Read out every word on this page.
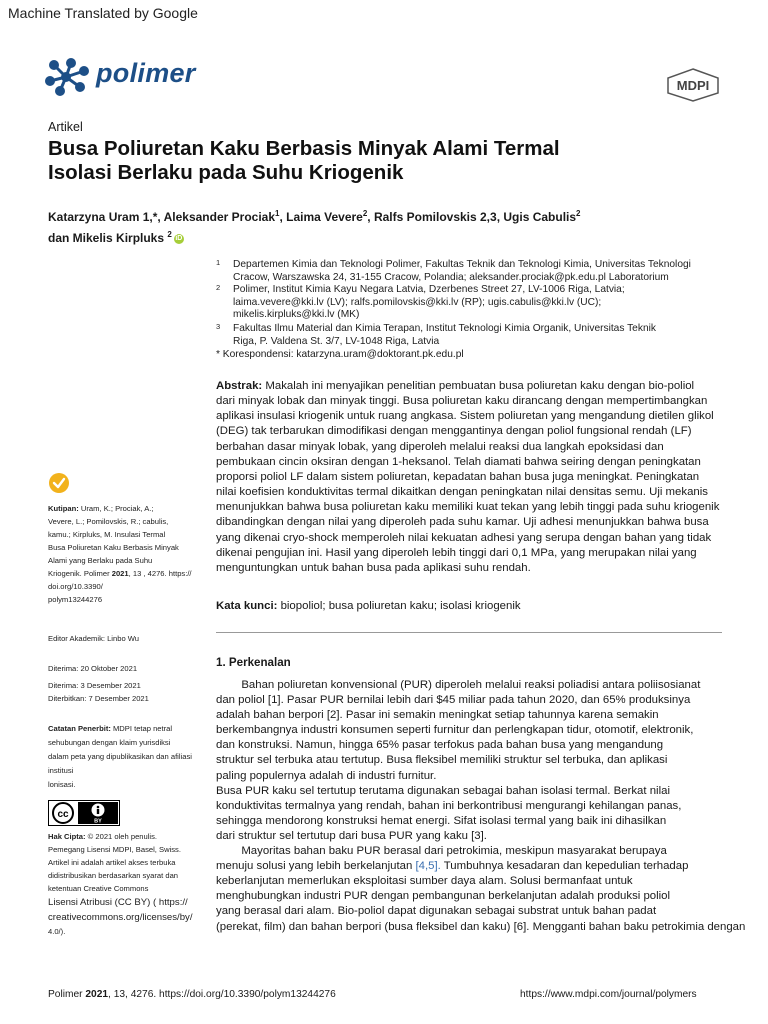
Machine Translated by Google
polimer	MDPI
Artikel
Busa Poliuretan Kaku Berbasis Minyak Alami Termal
Isolasi Berlaku pada Suhu Kriogenik
Katarzyna Uram 1,*, Aleksander Prociak$^1$, Laima Vevere$^2$, Ralfs Pomilovskis 2,3, Ugis Cabulis$^2$
dan Mikelis Kirpluks $^2$ iD
1 Departemen Kimia dan Teknologi Polimer, Fakultas Teknik dan Teknologi Kimia, Universitas Teknologi
Cracow, Warszawska 24, 31-155 Cracow, Polandia; aleksander.prociak@pk.edu.pl Laboratorium
2 Polimer, Institut Kimia Kayu Negara Latvia, Dzerbenes Street 27, LV-1006 Riga, Latvia;
laima.vevere@kki.lv (LV); ralfs.pomilovskis@kki.lv (RP); ugis.cabulis@kki.lv (UC);
mikelis.kirpluks@kki.lv (MK)
3 Fakultas Ilmu Material dan Kimia Terapan, Institut Teknologi Kimia Organik, Universitas Teknik
Riga, P. Valdena St. 3/7, LV-1048 Riga, Latvia
* Korespondensi: katarzyna.uram@doktorant.pk.edu.pl
Abstrak: Makalah ini menyajikan penelitian pembuatan busa poliuretan kaku dengan bio-poliol
dari minyak lobak dan minyak tinggi. Busa poliuretan kaku dirancang dengan mempertimbangkan
aplikasi insulasi kriogenik untuk ruang angkasa. Sistem poliuretan yang mengandung dietilen glikol
(DEG) tak terbarukan dimodifikasi dengan menggantinya dengan poliol fungsional rendah (LF)
berbahan dasar minyak lobak, yang diperoleh melalui reaksi dua langkah epoksidasi dan
pembukaan cincin oksiran dengan 1-heksanol. Telah diamati bahwa seiring dengan peningkatan
proporsi poliol LF dalam sistem poliuretan, kepadatan bahan busa juga meningkat. Peningkatan
nilai koefisien konduktivitas termal dikaitkan dengan peningkatan nilai densitas semu. Uji mekanis
menunjukkan bahwa busa poliuretan kaku memiliki kuat tekan yang lebih tinggi pada suhu kriogenik
dibandingkan dengan nilai yang diperoleh pada suhu kamar. Uji adhesi menunjukkan bahwa busa
yang dikenai cryo-shock memperoleh nilai kekuatan adhesi yang serupa dengan bahan yang tidak
dikenai pengujian ini. Hasil yang diperoleh lebih tinggi dari 0,1 MPa, yang merupakan nilai yang
menguntungkan untuk bahan busa pada aplikasi suhu rendah.
Kata kunci: biopoliol; busa poliuretan kaku; isolasi kriogenik
1. Perkenalan
Bahan poliuretan konvensional (PUR) diperoleh melalui reaksi poliadisi antara poliisosianat
dan poliol [1]. Pasar PUR bernilai lebih dari $45 miliar pada tahun 2020, dan 65% produksinya
adalah bahan berpori [2]. Pasar ini semakin meningkat setiap tahunnya karena semakin
berkembangnya industri konsumen seperti furnitur dan perlengkapan tidur, otomotif, elektronik,
dan konstruksi. Namun, hingga 65% pasar terfokus pada bahan busa yang mengandung
struktur sel terbuka atau tertutup. Busa fleksibel memiliki struktur sel terbuka, dan aplikasi
paling populernya adalah di industri furnitur.
Busa PUR kaku sel tertutup terutama digunakan sebagai bahan isolasi termal. Berkat nilai
konduktivitas termalnya yang rendah, bahan ini berkontribusi mengurangi kehilangan panas,
sehingga mendorong konstruksi hemat energi. Sifat isolasi termal yang baik ini dihasilkan
dari struktur sel tertutup dari busa PUR yang kaku [3].
Mayoritas bahan baku PUR berasal dari petrokimia, meskipun masyarakat berupaya
menuju solusi yang lebih berkelanjutan [4,5]. Tumbuhnya kesadaran dan kepedulian terhadap
keberlanjutan memerlukan eksploitasi sumber daya alam. Solusi bermanfaat untuk
menghubungkan industri PUR dengan pembangunan berkelanjutan adalah produksi poliol
yang berasal dari alam. Bio-poliol dapat digunakan sebagai substrat untuk bahan padat
(perekat, film) dan bahan berpori (busa fleksibel dan kaku) [6]. Mengganti bahan baku petrokimia dengan
Kutipan: Uram, K.; Prociak, A.;
Vevere, L.; Pomilovskis, R.; cabulis,
kamu.; Kirpluks, M. Insulasi Termal
Busa Poliuretan Kaku Berbasis Minyak
Alami yang Berlaku pada Suhu
Kriogenik. Polimer 2021, 13 , 4276. https://
doi.org/10.3390/
polym13244276
Editor Akademik: Linbo Wu
Diterima: 20 Oktober 2021
Diterima: 3 Desember 2021
Diterbitkan: 7 Desember 2021
Catatan Penerbit: MDPI tetap netral
sehubungan dengan klaim yurisdiksi
dalam peta yang dipublikasikan dan afiliasi institusi
lonisasi.
cc
BY
Hak Cipta: © 2021 oleh penulis.
Pemegang Lisensi MDPI, Basel, Swiss.
Artikel ini adalah artikel akses terbuka
didistribusikan berdasarkan syarat dan
ketentuan Creative Commons
Lisensi Atribusi (CC BY) ( https://
creativecommons.org/licenses/by/
4.0/).
Polimer 2021, 13, 4276. https://doi.org/10.3390/polym13244276	https://www.mdpi.com/journal/polymers
